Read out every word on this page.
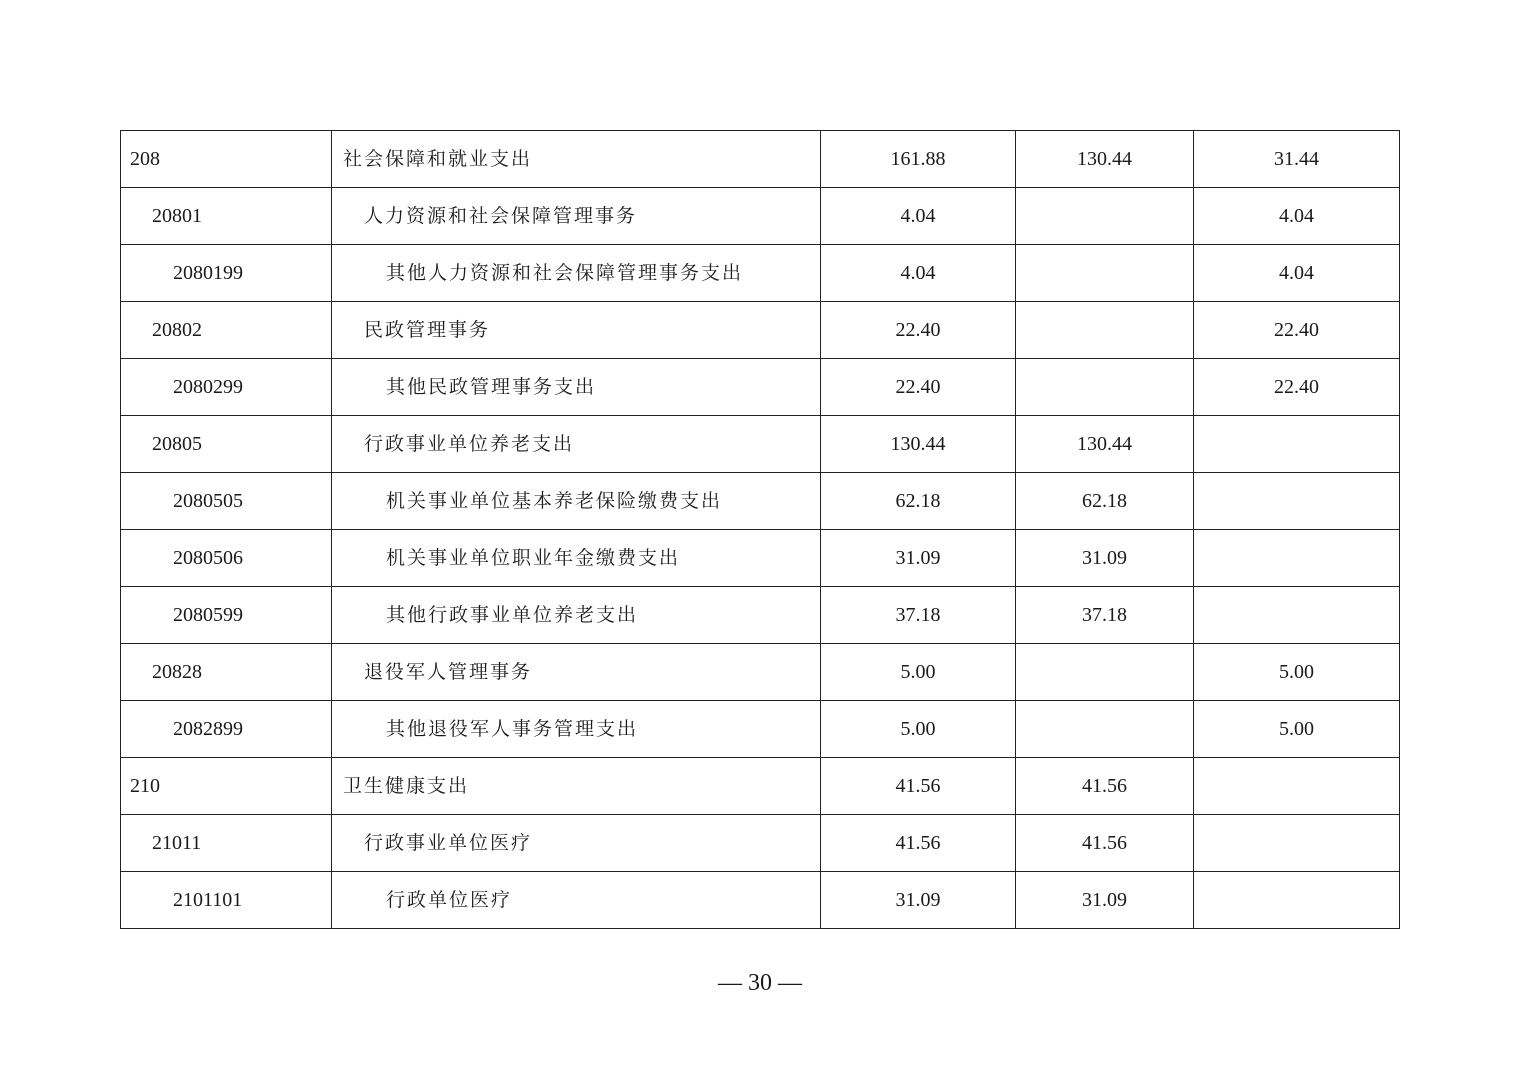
208	社会保障和就业支出	161.88	130.44	31.44
20801	人力资源和社会保障管理事务	4.04		4.04
2080199	其他人力资源和社会保障管理事务支出	4.04		4.04
20802	民政管理事务	22.40		22.40
2080299	其他民政管理事务支出	22.40		22.40
20805	行政事业单位养老支出	130.44	130.44	
2080505	机关事业单位基本养老保险缴费支出	62.18	62.18	
2080506	机关事业单位职业年金缴费支出	31.09	31.09	
2080599	其他行政事业单位养老支出	37.18	37.18	
20828	退役军人管理事务	5.00		5.00
2082899	其他退役军人事务管理支出	5.00		5.00
210	卫生健康支出	41.56	41.56	
21011	行政事业单位医疗	41.56	41.56	
2101101	行政单位医疗	31.09	31.09	
— 30 —
